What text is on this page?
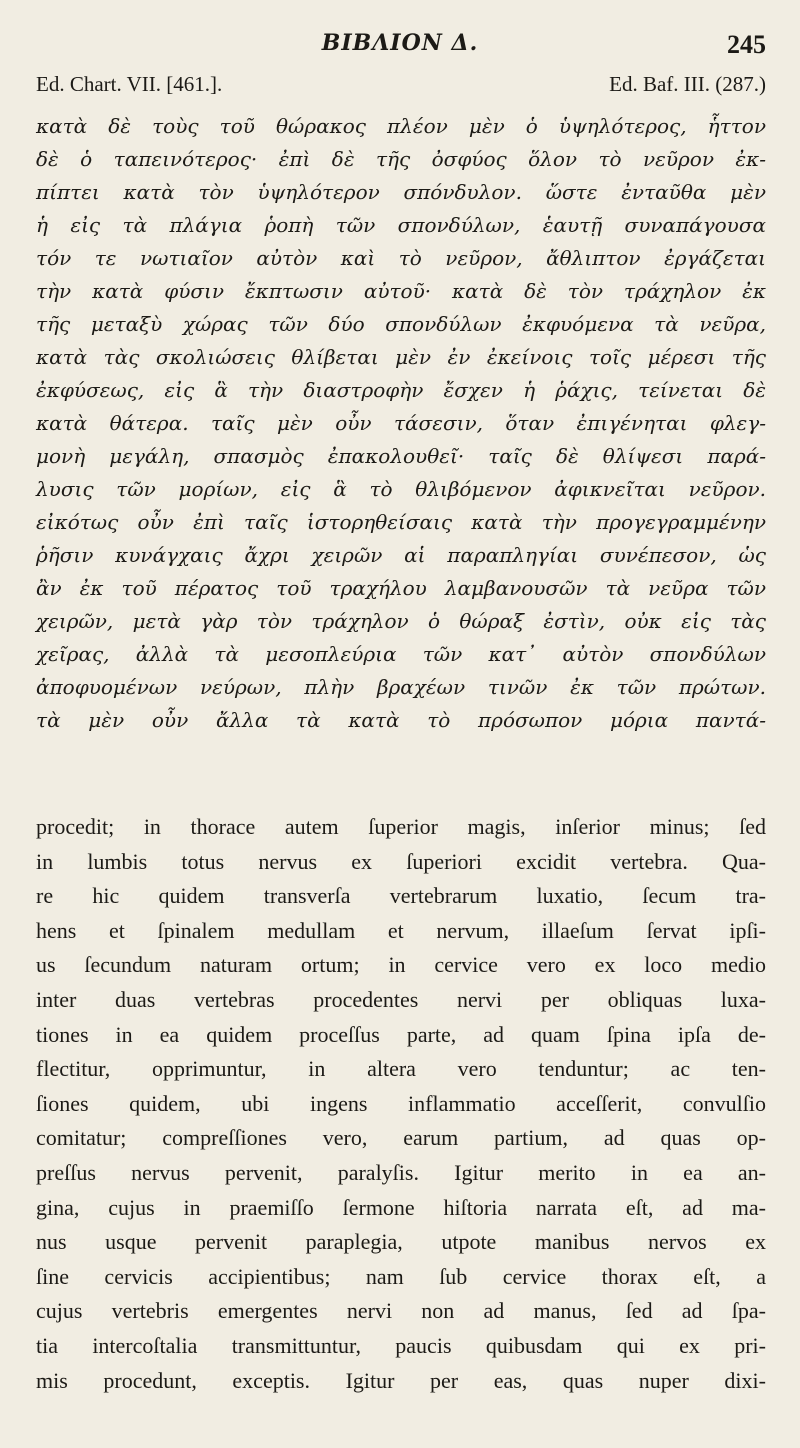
BIBΛΙΟΝ Δ.	245
Ed. Chart. VII. [461.].	Ed. Baf. III. (287.)
κατὰ δὲ τοὺς τοῦ θώρακος πλέον μὲν ὁ ὑψηλότερος, ἧττον
δὲ ὁ ταπεινότερος· ἐπὶ δὲ τῆς ὀσφύος ὅλον τὸ νεῦρον ἐκ-
πίπτει κατὰ τὸν ὑψηλότερον σπόνδυλον. ὥστε ἐνταῦθα μὲν
ἡ εἰς τὰ πλάγια ῥοπὴ τῶν σπονδύλων, ἑαυτῇ συναπάγουσα
τόν τε νωτιαῖον αὐτὸν καὶ τὸ νεῦρον, ἄθλιπτον ἐργάζεται
τὴν κατὰ φύσιν ἔκπτωσιν αὐτοῦ· κατὰ δὲ τὸν τράχηλον ἐκ
τῆς μεταξὺ χώρας τῶν δύο σπονδύλων ἐκφυόμενα τὰ νεῦρα,
κατὰ τὰς σκολιώσεις θλίβεται μὲν ἐν ἐκείνοις τοῖς μέρεσι τῆς
ἐκφύσεως, εἰς ἃ τὴν διαστροφὴν ἔσχεν ἡ ῥάχις, τείνεται δὲ
κατὰ θάτερα. ταῖς μὲν οὖν τάσεσιν, ὅταν ἐπιγένηται φλεγ-
μονὴ μεγάλη, σπασμὸς ἐπακολουθεῖ· ταῖς δὲ θλίψεσι παρά-
λυσις τῶν μορίων, εἰς ἃ τὸ θλιβόμενον ἀφικνεῖται νεῦρον.
εἰκότως οὖν ἐπὶ ταῖς ἱστορηθείσαις κατὰ τὴν προγεγραμμένην
ῥῆσιν κυνάγχαις ἄχρι χειρῶν αἱ παραπληγίαι συνέπεσον, ὡς
ἂν ἐκ τοῦ πέρατος τοῦ τραχήλου λαμβανουσῶν τὰ νεῦρα τῶν
χειρῶν, μετὰ γὰρ τὸν τράχηλον ὁ θώραξ ἐστὶν, οὐκ εἰς τὰς
χεῖρας, ἀλλὰ τὰ μεσοπλεύρια τῶν κατ᾽ αὐτὸν σπονδύλων
ἀποφυομένων νεύρων, πλὴν βραχέων τινῶν ἐκ τῶν πρώτων.
τὰ μὲν οὖν ἄλλα τὰ κατὰ τὸ πρόσωπον μόρια παντά-
procedit; in thorace autem ſuperior magis, inſerior minus; ſed
in lumbis totus nervus ex ſuperiori excidit vertebra. Qua-
re hic quidem transverſa vertebrarum luxatio, ſecum tra-
hens et ſpinalem medullam et nervum, illaeſum ſervat ipſi-
us ſecundum naturam ortum; in cervice vero ex loco medio
inter duas vertebras procedentes nervi per obliquas luxa-
tiones in ea quidem proceſſus parte, ad quam ſpina ipſa de-
flectitur, opprimuntur, in altera vero tenduntur; ac ten-
ſiones quidem, ubi ingens inflammatio acceſſerit, convulſio
comitatur; compreſſiones vero, earum partium, ad quas op-
preſſus nervus pervenit, paralyſis. Igitur merito in ea an-
gina, cujus in praemiſſo ſermone hiſtoria narrata eſt, ad ma-
nus usque pervenit paraplegia, utpote manibus nervos ex
ſine cervicis accipientibus; nam ſub cervice thorax eſt, a
cujus vertebris emergentes nervi non ad manus, ſed ad ſpa-
tia intercoſtalia transmittuntur, paucis quibusdam qui ex pri-
mis procedunt, exceptis. Igitur per eas, quas nuper dixi-
